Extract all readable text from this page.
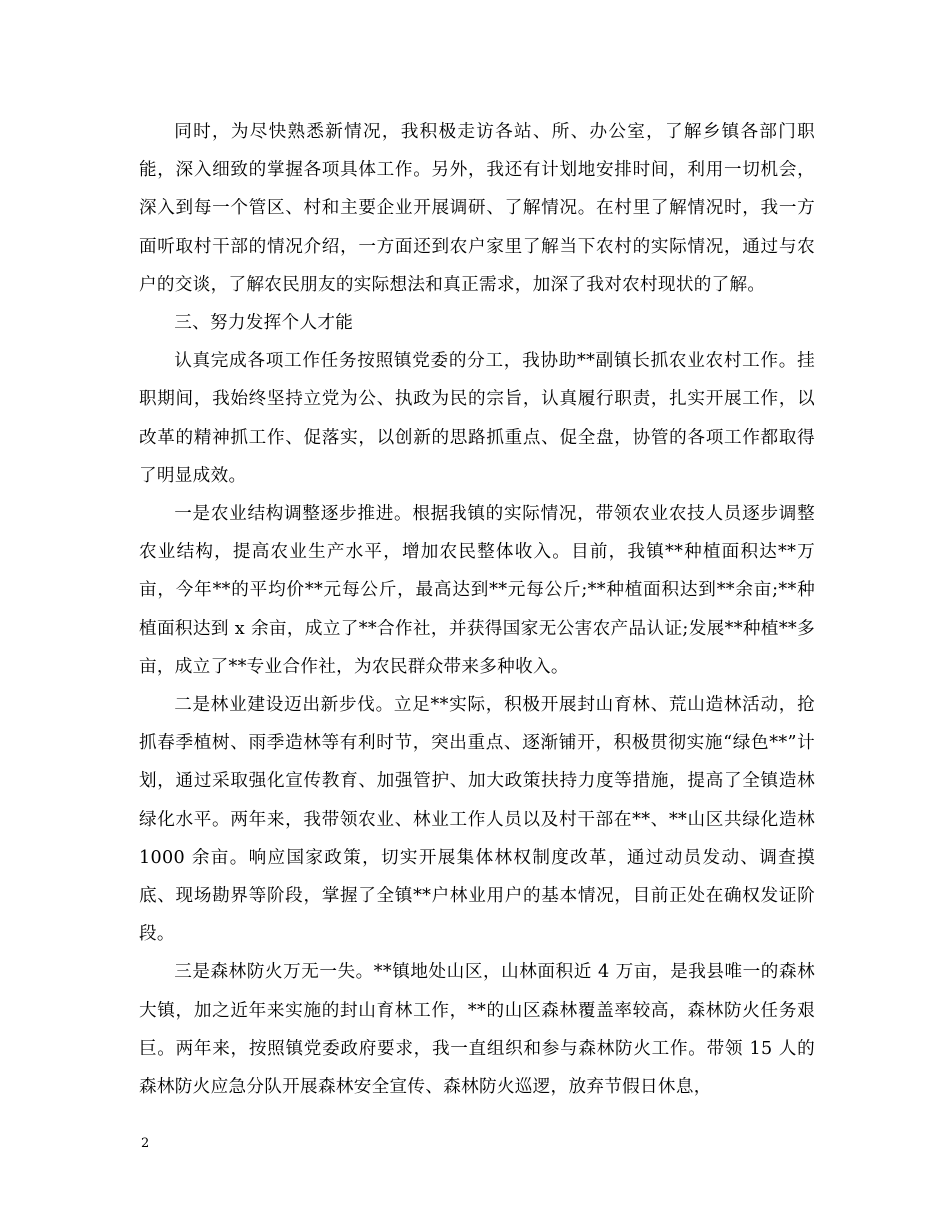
同时，为尽快熟悉新情况，我积极走访各站、所、办公室，了解乡镇各部门职能，深入细致的掌握各项具体工作。另外，我还有计划地安排时间，利用一切机会，深入到每一个管区、村和主要企业开展调研、了解情况。在村里了解情况时，我一方面听取村干部的情况介绍，一方面还到农户家里了解当下农村的实际情况，通过与农户的交谈，了解农民朋友的实际想法和真正需求，加深了我对农村现状的了解。

三、努力发挥个人才能

认真完成各项工作任务按照镇党委的分工，我协助**副镇长抓农业农村工作。挂职期间，我始终坚持立党为公、执政为民的宗旨，认真履行职责，扎实开展工作，以改革的精神抓工作、促落实，以创新的思路抓重点、促全盘，协管的各项工作都取得了明显成效。

一是农业结构调整逐步推进。根据我镇的实际情况，带领农业农技人员逐步调整农业结构，提高农业生产水平，增加农民整体收入。目前，我镇**种植面积达**万亩，今年**的平均价**元每公斤，最高达到**元每公斤;**种植面积达到**余亩;**种植面积达到 x 余亩，成立了**合作社，并获得国家无公害农产品认证;发展**种植**多亩，成立了**专业合作社，为农民群众带来多种收入。

二是林业建设迈出新步伐。立足**实际，积极开展封山育林、荒山造林活动，抢抓春季植树、雨季造林等有利时节，突出重点、逐渐铺开，积极贯彻实施“绿色**”计划，通过采取强化宣传教育、加强管护、加大政策扶持力度等措施，提高了全镇造林绿化水平。两年来，我带领农业、林业工作人员以及村干部在**、**山区共绿化造林 1000 余亩。响应国家政策，切实开展集体林权制度改革，通过动员发动、调查摸底、现场勘界等阶段，掌握了全镇**户林业用户的基本情况，目前正处在确权发证阶段。

三是森林防火万无一失。**镇地处山区，山林面积近 4 万亩，是我县唯一的森林大镇，加之近年来实施的封山育林工作，**的山区森林覆盖率较高，森林防火任务艰巨。两年来，按照镇党委政府要求，我一直组织和参与森林防火工作。带领 15 人的森林防火应急分队开展森林安全宣传、森林防火巡逻，放弃节假日休息，

2
